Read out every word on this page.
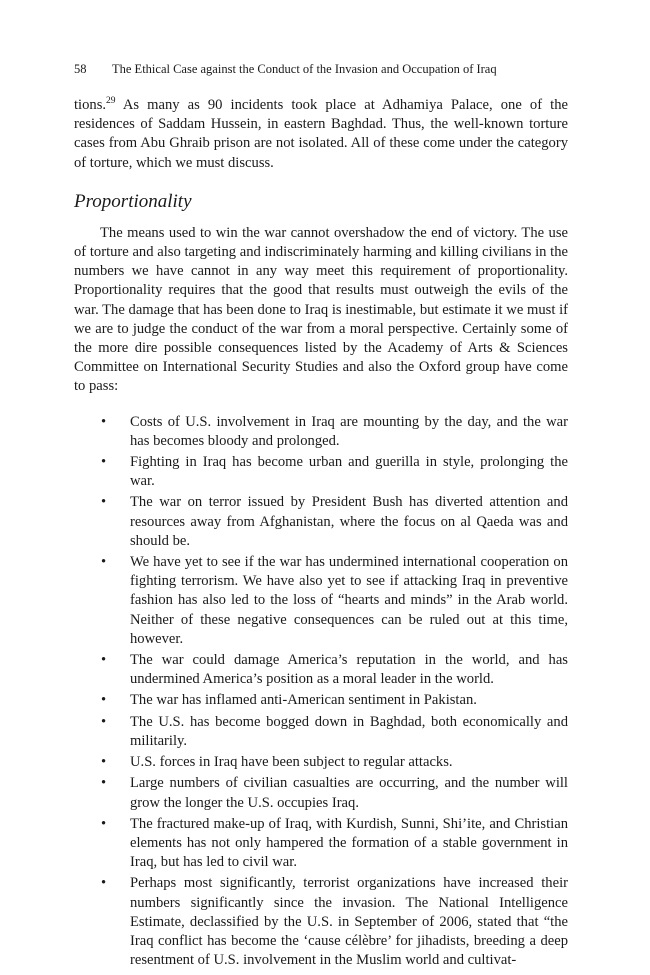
58 The Ethical Case against the Conduct of the Invasion and Occupation of Iraq

tions.$^{29}$ As many as 90 incidents took place at Adhamiya Palace, one of the residences of Saddam Hussein, in eastern Baghdad. Thus, the well-known torture cases from Abu Ghraib prison are not isolated. All of these come under the category of torture, which we must discuss.

Proportionality

The means used to win the war cannot overshadow the end of victory. The use of torture and also targeting and indiscriminately harming and killing civilians in the numbers we have cannot in any way meet this requirement of proportionality. Proportionality requires that the good that results must outweigh the evils of the war. The damage that has been done to Iraq is inestimable, but estimate it we must if we are to judge the conduct of the war from a moral perspective. Certainly some of the more dire possible consequences listed by the Academy of Arts & Sciences Committee on International Security Studies and also the Oxford group have come to pass:

• Costs of U.S. involvement in Iraq are mounting by the day, and the war has becomes bloody and prolonged.
• Fighting in Iraq has become urban and guerilla in style, prolonging the war.
• The war on terror issued by President Bush has diverted attention and resources away from Afghanistan, where the focus on al Qaeda was and should be.
• We have yet to see if the war has undermined international cooperation on fighting terrorism. We have also yet to see if attacking Iraq in preventive fashion has also led to the loss of “hearts and minds” in the Arab world. Neither of these negative consequences can be ruled out at this time, however.
• The war could damage America’s reputation in the world, and has undermined America’s position as a moral leader in the world.
• The war has inflamed anti-American sentiment in Pakistan.
• The U.S. has become bogged down in Baghdad, both economically and militarily.
• U.S. forces in Iraq have been subject to regular attacks.
• Large numbers of civilian casualties are occurring, and the number will grow the longer the U.S. occupies Iraq.
• The fractured make-up of Iraq, with Kurdish, Sunni, Shi’ite, and Christian elements has not only hampered the formation of a stable government in Iraq, but has led to civil war.
• Perhaps most significantly, terrorist organizations have increased their numbers significantly since the invasion. The National Intelligence Estimate, declassified by the U.S. in September of 2006, stated that “the Iraq conflict has become the ‘cause célèbre’ for jihadists, breeding a deep resentment of U.S. involvement in the Muslim world and cultivat-
